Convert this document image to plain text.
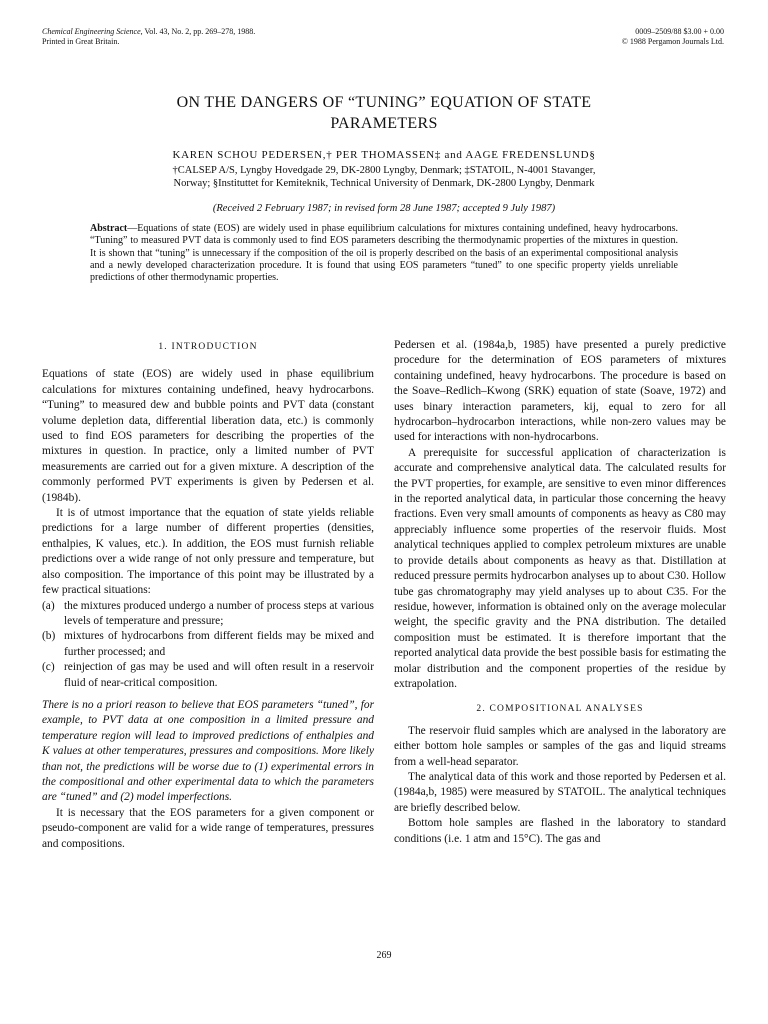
Chemical Engineering Science, Vol. 43, No. 2, pp. 269–278, 1988.
Printed in Great Britain.
0009–2509/88 $3.00 + 0.00
© 1988 Pergamon Journals Ltd.
ON THE DANGERS OF “TUNING” EQUATION OF STATE
PARAMETERS
KAREN SCHOU PEDERSEN,† PER THOMASSEN‡ and AAGE FREDENSLUND§
†CALSEP A/S, Lyngby Hovedgade 29, DK-2800 Lyngby, Denmark; ‡STATOIL, N-4001 Stavanger,
Norway; §Instituttet for Kemiteknik, Technical University of Denmark, DK-2800 Lyngby, Denmark
(Received 2 February 1987; in revised form 28 June 1987; accepted 9 July 1987)
Abstract—Equations of state (EOS) are widely used in phase equilibrium calculations for mixtures containing undefined, heavy hydrocarbons. “Tuning” to measured PVT data is commonly used to find EOS parameters describing the thermodynamic properties of the mixtures in question. It is shown that “tuning” is unnecessary if the composition of the oil is properly described on the basis of an experimental compositional analysis and a newly developed characterization procedure. It is found that using EOS parameters “tuned” to one specific property yields unreliable predictions of other thermodynamic properties.
1. INTRODUCTION

Equations of state (EOS) are widely used in phase equilibrium calculations for mixtures containing undefined, heavy hydrocarbons. “Tuning” to measured dew and bubble points and PVT data (constant volume depletion data, differential liberation data, etc.) is commonly used to find EOS parameters for describing the properties of the mixtures in question. In practice, only a limited number of PVT measurements are carried out for a given mixture. A description of the commonly performed PVT experiments is given by Pedersen et al. (1984b).

It is of utmost importance that the equation of state yields reliable predictions for a large number of different properties (densities, enthalpies, K values, etc.). In addition, the EOS must furnish reliable predictions over a wide range of not only pressure and temperature, but also composition. The importance of this point may be illustrated by a few practical situations:

(a) the mixtures produced undergo a number of process steps at various levels of temperature and pressure;
(b) mixtures of hydrocarbons from different fields may be mixed and further processed; and
(c) reinjection of gas may be used and will often result in a reservoir fluid of near-critical composition.

There is no a priori reason to believe that EOS parameters “tuned”, for example, to PVT data at one composition in a limited pressure and temperature region will lead to improved predictions of enthalpies and K values at other temperatures, pressures and compositions. More likely than not, the predictions will be worse due to (1) experimental errors in the compositional and other experimental data to which the parameters are “tuned” and (2) model imperfections.

It is necessary that the EOS parameters for a given component or pseudo-component are valid for a wide range of temperatures, pressures and compositions.

Pedersen et al. (1984a,b, 1985) have presented a purely predictive procedure for the determination of EOS parameters of mixtures containing undefined, heavy hydrocarbons. The procedure is based on the Soave–Redlich–Kwong (SRK) equation of state (Soave, 1972) and uses binary interaction parameters, kij, equal to zero for all hydrocarbon–hydrocarbon interactions, while non-zero values may be used for interactions with non-hydrocarbons.

A prerequisite for successful application of characterization is accurate and comprehensive analytical data. The calculated results for the PVT properties, for example, are sensitive to even minor differences in the reported analytical data, in particular those concerning the heavy fractions. Even very small amounts of components as heavy as C80 may appreciably influence some properties of the reservoir fluids. Most analytical techniques applied to complex petroleum mixtures are unable to provide details about components as heavy as that. Distillation at reduced pressure permits hydrocarbon analyses up to about C30. Hollow tube gas chromatography may yield analyses up to about C35. For the residue, however, information is obtained only on the average molecular weight, the specific gravity and the PNA distribution. The detailed composition must be estimated. It is therefore important that the reported analytical data provide the best possible basis for estimating the molar distribution and the component properties of the residue by extrapolation.

2. COMPOSITIONAL ANALYSES

The reservoir fluid samples which are analysed in the laboratory are either bottom hole samples or samples of the gas and liquid streams from a well-head separator.

The analytical data of this work and those reported by Pedersen et al. (1984a,b, 1985) were measured by STATOIL. The analytical techniques are briefly described below.

Bottom hole samples are flashed in the laboratory to standard conditions (i.e. 1 atm and 15°C). The gas and

269
